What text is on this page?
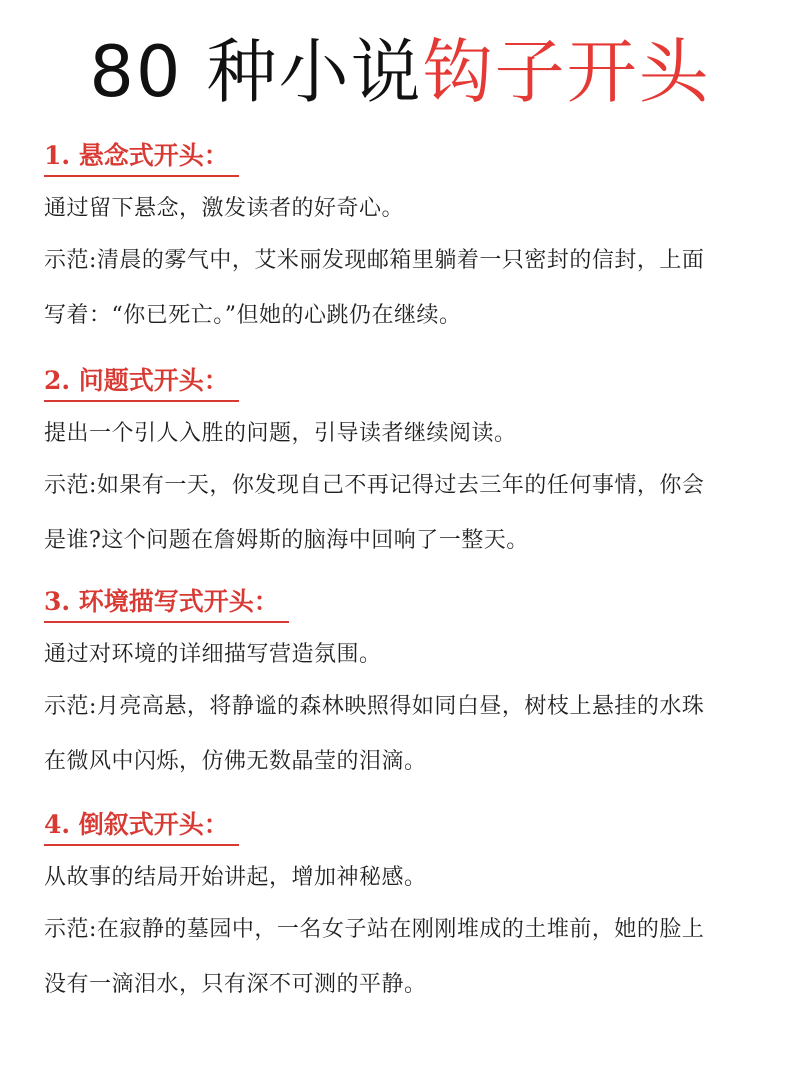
80 种小说钩子开头
1. 悬念式开头：

通过留下悬念，激发读者的好奇心。

示范:清晨的雾气中，艾米丽发现邮箱里躺着一只密封的信封，上面
写着：“你已死亡。”但她的心跳仍在继续。

2. 问题式开头：

提出一个引人入胜的问题，引导读者继续阅读。

示范:如果有一天，你发现自己不再记得过去三年的任何事情，你会
是谁?这个问题在詹姆斯的脑海中回响了一整天。

3. 环境描写式开头：

通过对环境的详细描写营造氛围。

示范:月亮高悬，将静谧的森林映照得如同白昼，树枝上悬挂的水珠
在微风中闪烁，仿佛无数晶莹的泪滴。

4. 倒叙式开头：

从故事的结局开始讲起，增加神秘感。

示范:在寂静的墓园中，一名女子站在刚刚堆成的土堆前，她的脸上
没有一滴泪水，只有深不可测的平静。
